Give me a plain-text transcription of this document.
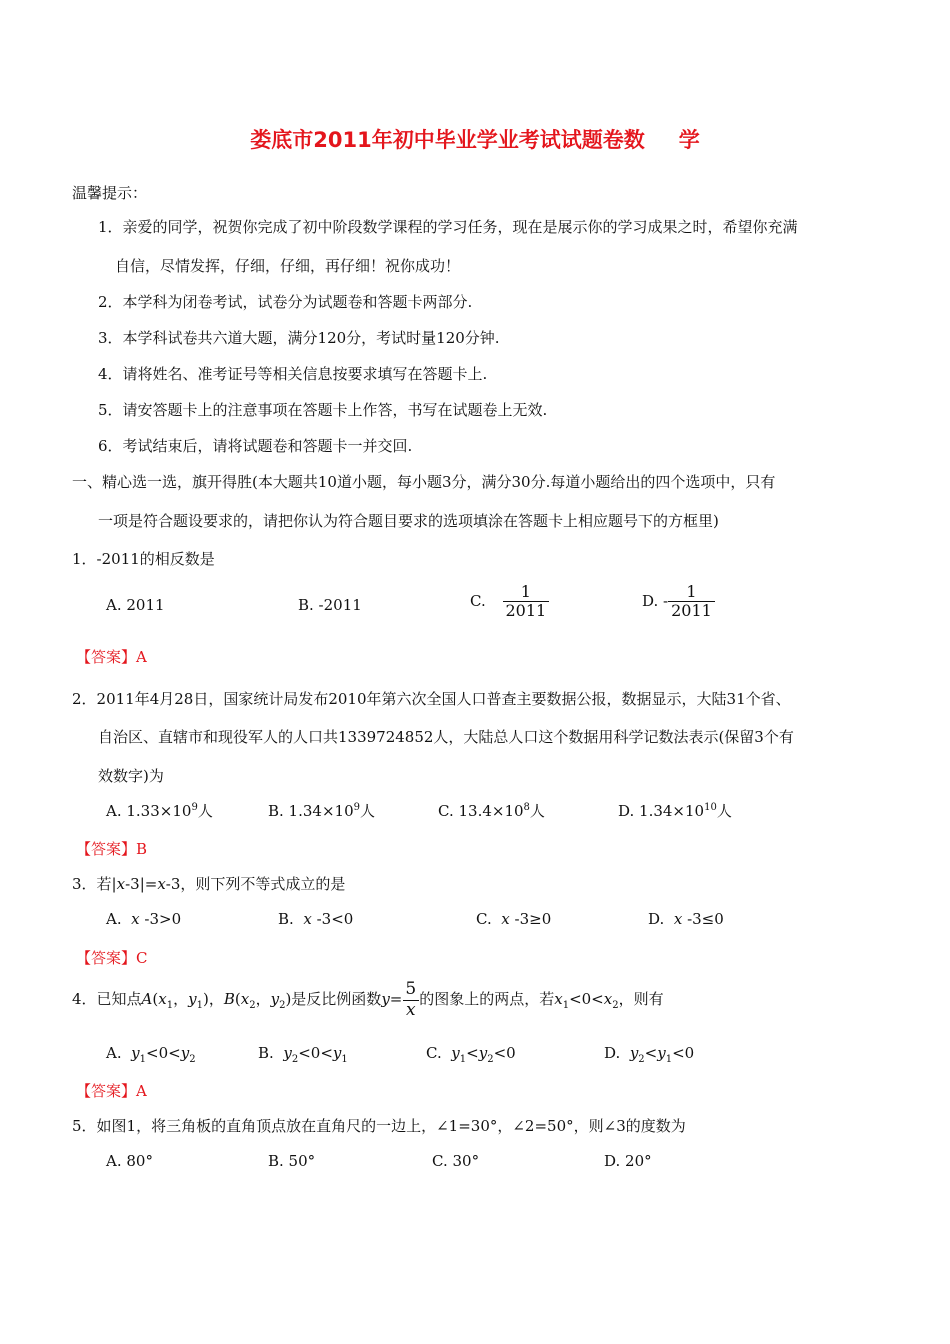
娄底市2011年初中毕业学业考试试题卷数 学
温馨提示：
1．亲爱的同学，祝贺你完成了初中阶段数学课程的学习任务，现在是展示你的学习成果之时，希望你充满
自信，尽情发挥，仔细，仔细，再仔细！祝你成功！
2．本学科为闭卷考试，试卷分为试题卷和答题卡两部分.
3．本学科试卷共六道大题，满分120分，考试时量120分钟.
4．请将姓名、准考证号等相关信息按要求填写在答题卡上.
5．请安答题卡上的注意事项在答题卡上作答，书写在试题卷上无效.
6．考试结束后，请将试题卷和答题卡一并交回.
一、精心选一选，旗开得胜(本大题共10道小题，每小题3分，满分30分.每道小题给出的四个选项中，只有
一项是符合题设要求的，请把你认为符合题目要求的选项填涂在答题卡上相应题号下的方框里)
1．-2011的相反数是
A. 2011	B. -2011	C. $\frac{1}{2011}$	D. - $\frac{1}{2011}$
【答案】A
2．2011年4月28日，国家统计局发布2010年第六次全国人口普查主要数据公报，数据显示，大陆31个省、
自治区、直辖市和现役军人的人口共1339724852人，大陆总人口这个数据用科学记数法表示(保留3个有
效数字)为
A. $1.33\times 10^9$人	B. $1.34\times 10^9$人	C. $13.4\times 10^8$人	D. $1.34\times 10^{10}$人
【答案】B
3．若|x-3|=x-3，则下列不等式成立的是
A. x -3>0	B. x -3<0	C. x -3≥0	D. x -3≤0
【答案】C
4．已知点$A(x_1$，$y_1$)，$B(x_2$，$y_2$)是反比例函数$y= \frac{5}{x}$ 的图象上的两点，若$x_1<0<x_2$，则有
A. $y_1<0<y_2$	B. $y_2<0<y_1$	C. $y_1<y_2<0$	D. $y_2<y_1<0$
【答案】A
5．如图1，将三角板的直角顶点放在直角尺的一边上，∠1=30°，∠2=50°，则∠3的度数为
A. 80°	B. 50°	C. 30°	D. 20°
